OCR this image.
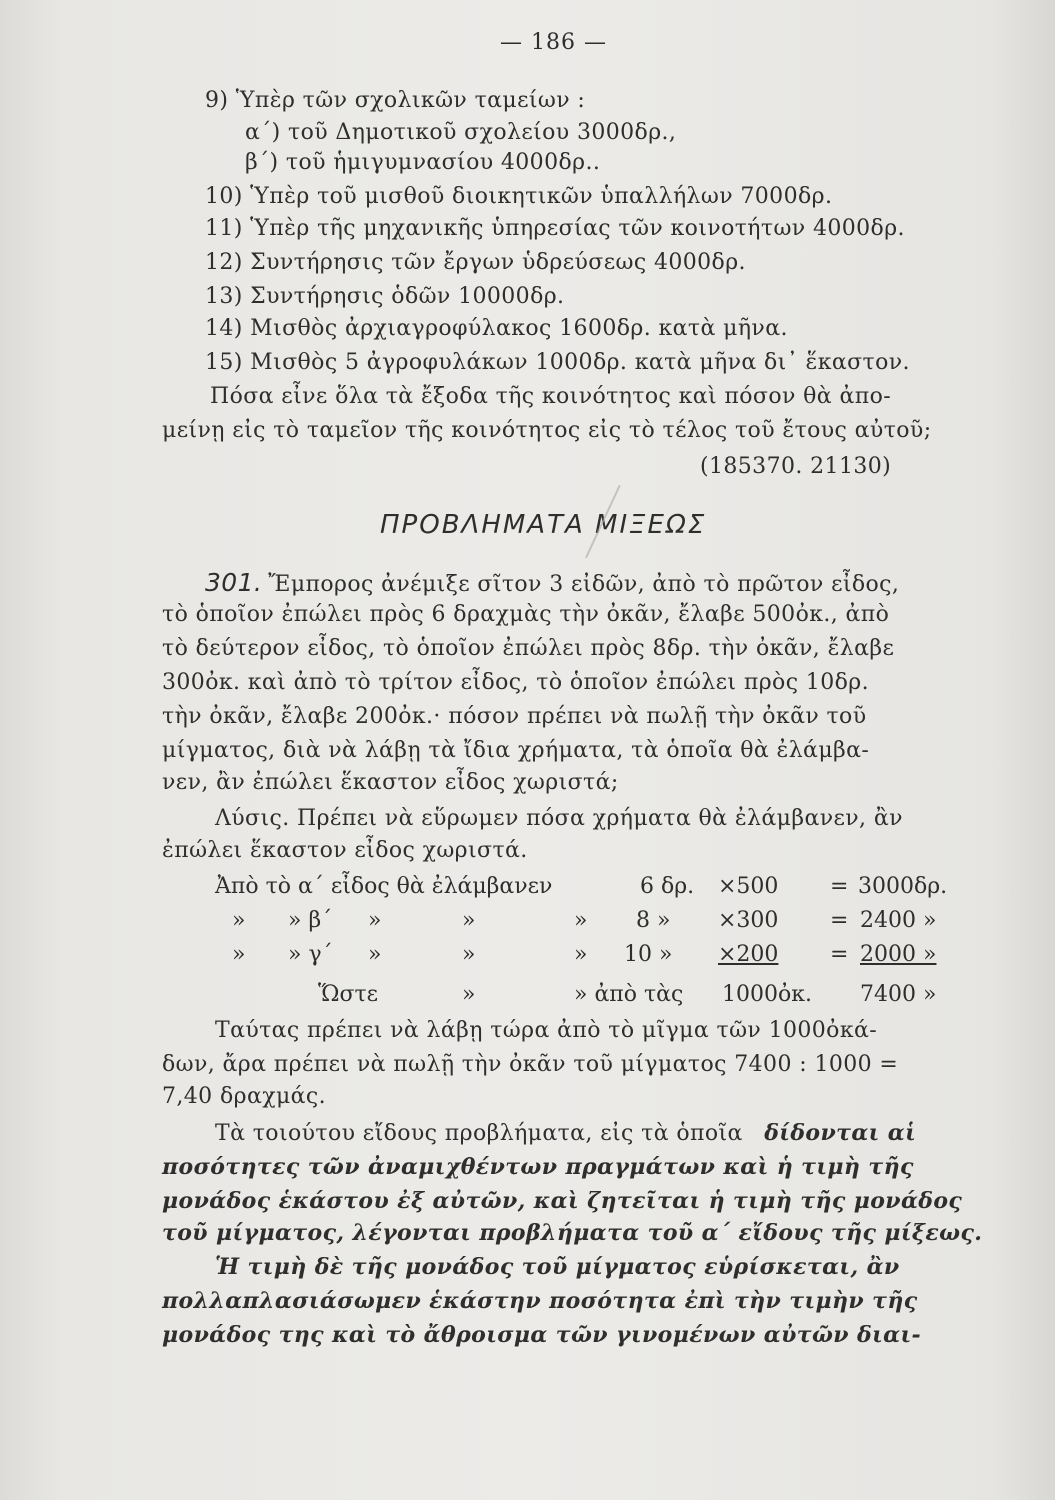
— 186 —
9) Ὑπὲρ τῶν σχολικῶν ταμείων :
α΄) τοῦ Δημοτικοῦ σχολείου 3000δρ.,
β΄) τοῦ ἡμιγυμνασίου 4000δρ..
10) Ὑπὲρ τοῦ μισθοῦ διοικητικῶν ὑπαλλήλων 7000δρ.
11) Ὑπὲρ τῆς μηχανικῆς ὑπηρεσίας τῶν κοινοτήτων 4000δρ.
12) Συντήρησις τῶν ἔργων ὑδρεύσεως 4000δρ.
13) Συντήρησις ὁδῶν 10000δρ.
14) Μισθὸς ἀρχιαγροφύλακος 1600δρ. κατὰ μῆνα.
15) Μισθὸς 5 ἀγροφυλάκων 1000δρ. κατὰ μῆνα δι᾽ ἕκαστον.
Πόσα εἶνε ὅλα τὰ ἔξοδα τῆς κοινότητος καὶ πόσον θὰ ἀπο-
μείνῃ εἰς τὸ ταμεῖον τῆς κοινότητος εἰς τὸ τέλος τοῦ ἔτους αὐτοῦ;
(185370. 21130)
ΠΡΟΒΛΗΜΑΤΑ ΜΙΞΕΩΣ
301. Ἔμπορος ἀνέμιξε σῖτον 3 εἰδῶν, ἀπὸ τὸ πρῶτον εἶδος,
τὸ ὁποῖον ἐπώλει πρὸς 6 δραχμὰς τὴν ὀκᾶν, ἔλαβε 500ὀκ., ἀπὸ
τὸ δεύτερον εἶδος, τὸ ὁποῖον ἐπώλει πρὸς 8δρ. τὴν ὀκᾶν, ἔλαβε
300ὀκ. καὶ ἀπὸ τὸ τρίτον εἶδος, τὸ ὁποῖον ἐπώλει πρὸς 10δρ.
τὴν ὀκᾶν, ἔλαβε 200ὀκ.· πόσον πρέπει νὰ πωλῇ τὴν ὀκᾶν τοῦ
μίγματος, διὰ νὰ λάβῃ τὰ ἴδια χρήματα, τὰ ὁποῖα θὰ ἐλάμβα-
νεν, ἂν ἐπώλει ἕκαστον εἶδος χωριστά;
Λύσις. Πρέπει νὰ εὕρωμεν πόσα χρήματα θὰ ἐλάμβανεν, ἂν
ἐπώλει ἕκαστον εἶδος χωριστά.
Ἀπὸ τὸ α΄ εἶδος θὰ ἐλάμβανεν	6 δρ. ×500 = 3000δρ.
» » β΄ »	»	» 8 » ×300 = 2400 »
» » γ΄ »	»	» 10 » ×200 = 2000 »
Ὥστε	»	» ἀπὸ τὰς 1000ὀκ. 7400 »
Ταύτας πρέπει νὰ λάβῃ τώρα ἀπὸ τὸ μῖγμα τῶν 1000ὀκά-
δων, ἄρα πρέπει νὰ πωλῇ τὴν ὀκᾶν τοῦ μίγματος 7400 : 1000 =
7,40 δραχμάς.
Τὰ τοιούτου εἴδους προβλήματα, εἰς τὰ ὁποῖα δίδονται αἱ
ποσότητες τῶν ἀναμιχθέντων πραγμάτων καὶ ἡ τιμὴ τῆς
μονάδος ἑκάστου ἐξ αὐτῶν, καὶ ζητεῖται ἡ τιμὴ τῆς μονάδος
τοῦ μίγματος, λέγονται προβλήματα τοῦ α΄ εἴδους τῆς μίξεως.
Ἡ τιμὴ δὲ τῆς μονάδος τοῦ μίγματος εὑρίσκεται, ἂν
πολλαπλασιάσωμεν ἑκάστην ποσότητα ἐπὶ τὴν τιμὴν τῆς
μονάδος της καὶ τὸ ἄθροισμα τῶν γινομένων αὐτῶν διαι-
